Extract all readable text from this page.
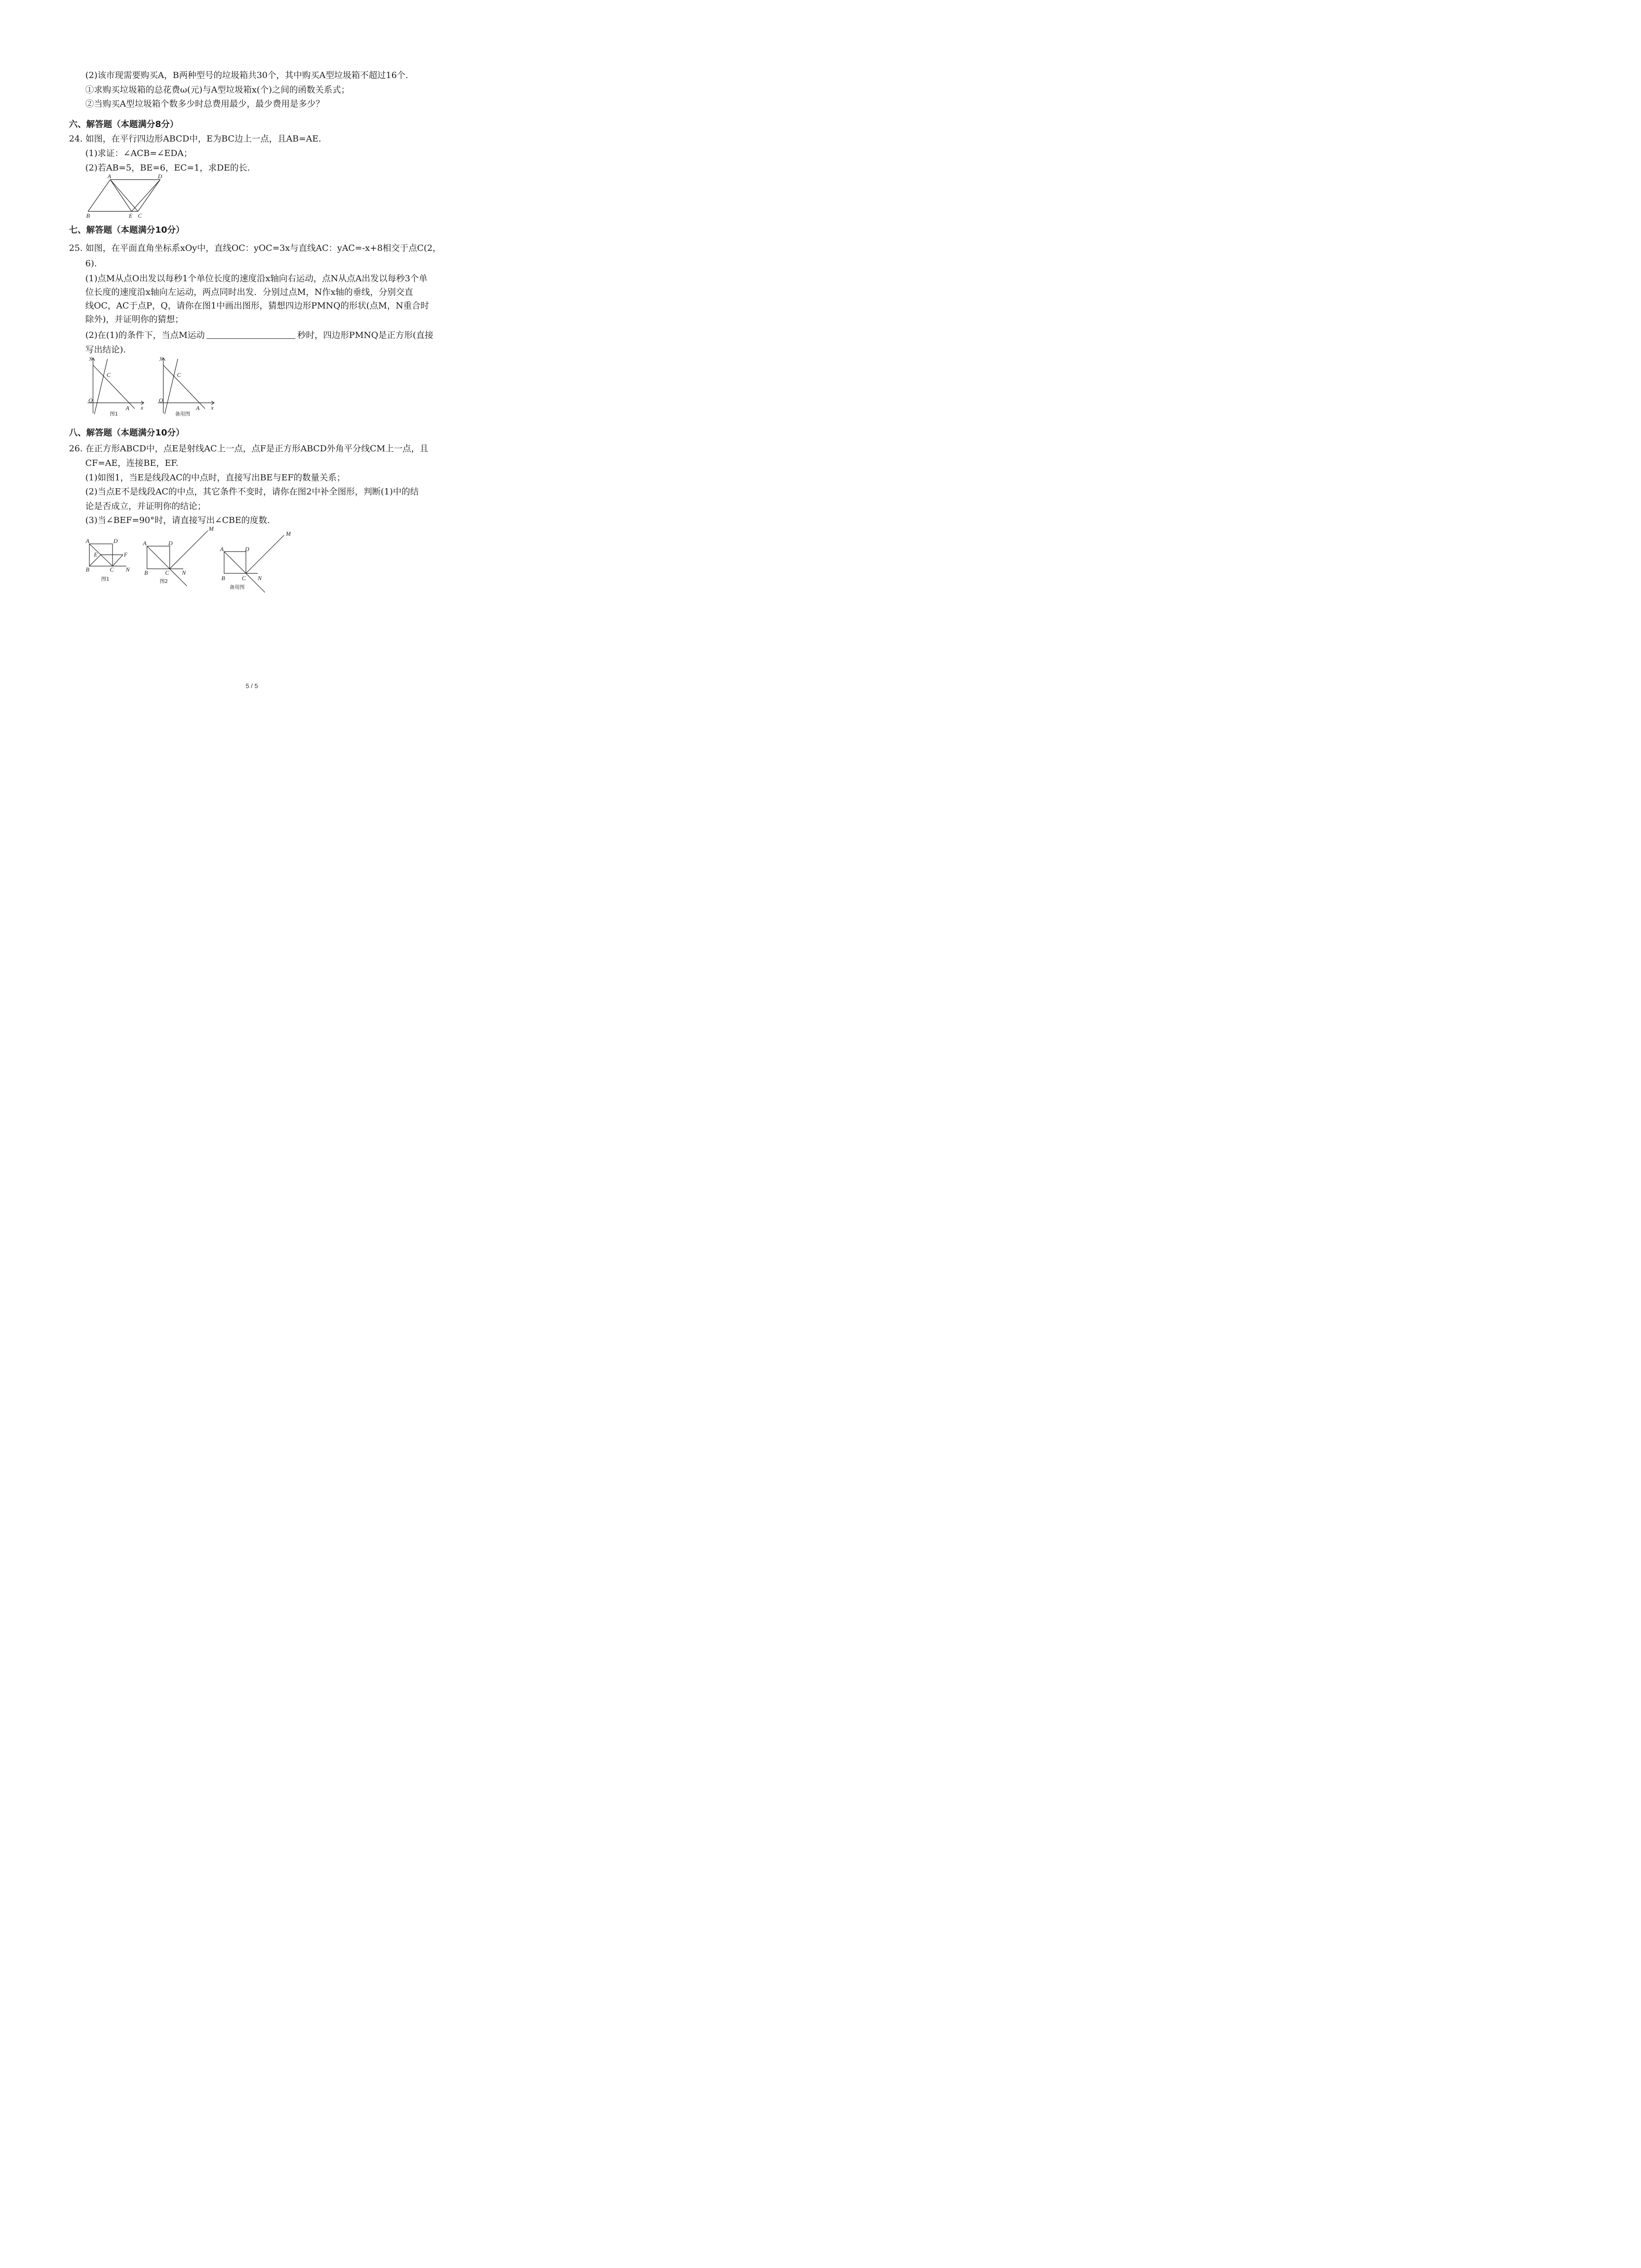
(2)该市现需要购买A，B两种型号的垃圾箱共30个，其中购买A型垃圾箱不超过16个.
①求购买垃圾箱的总花费ω(元)与A型垃圾箱x(个)之间的函数关系式；
②当购买A型垃圾箱个数多少时总费用最少，最少费用是多少？
六、解答题（本题满分8分）
24. 如图，在平行四边形ABCD中，E为BC边上一点，且AB=AE.
(1)求证：∠ACB=∠EDA；
(2)若AB=5，BE=6，EC=1，求DE的长.
A	D
B	E C
七、解答题（本题满分10分）
25. 如图，在平面直角坐标系xOy中，直线OC：yOC=3x与直线AC：yAC=-x+8相交于点C(2，
6).
(1)点M从点O出发以每秒1个单位长度的速度沿x轴向右运动，点N从点A出发以每秒3个单
位长度的速度沿x轴向左运动，两点同时出发．分别过点M，N作x轴的垂线，分别交直
线OC，AC于点P，Q，请你在图1中画出图形，猜想四边形PMNQ的形状(点M，N重合时
除外)，并证明你的猜想；
(2)在(1)的条件下，当点M运动	秒时，四边形PMNQ是正方形(直接
写出结论).
y
x
O
C
A
图1
y
x
O
C
A
备用图
八、解答题（本题满分10分）
26. 在正方形ABCD中，点E是射线AC上一点，点F是正方形ABCD外角平分线CM上一点，且
CF=AE，连接BE，EF.
(1)如图1，当E是线段AC的中点时，直接写出BE与EF的数量关系；
(2)当点E不是线段AC的中点，其它条件不变时，请你在图2中补全图形，判断(1)中的结
论是否成立，并证明你的结论；
(3)当∠BEF=90°时，请直接写出∠CBE的度数.
A	D
E	F
B	C N
图1
A	D
M
B	C N
图2
A	D
M
B	C N
备用图
5 / 5
